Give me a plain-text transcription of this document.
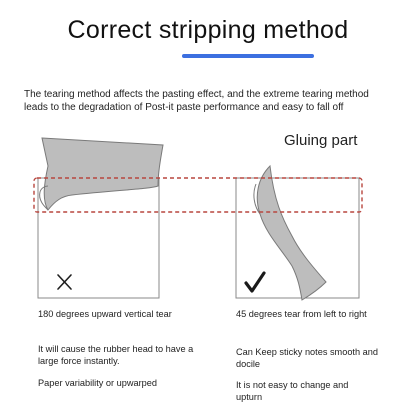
Correct stripping method
The tearing method affects the pasting effect, and the extreme tearing method leads to the degradation of Post-it paste performance and easy to fall off
Gluing part
180 degrees upward vertical tear
It will cause the rubber head to have a large force instantly.
Paper variability or upwarped
45 degrees tear from left to right
Can Keep sticky notes smooth and docile
It is not easy to change and upturn
